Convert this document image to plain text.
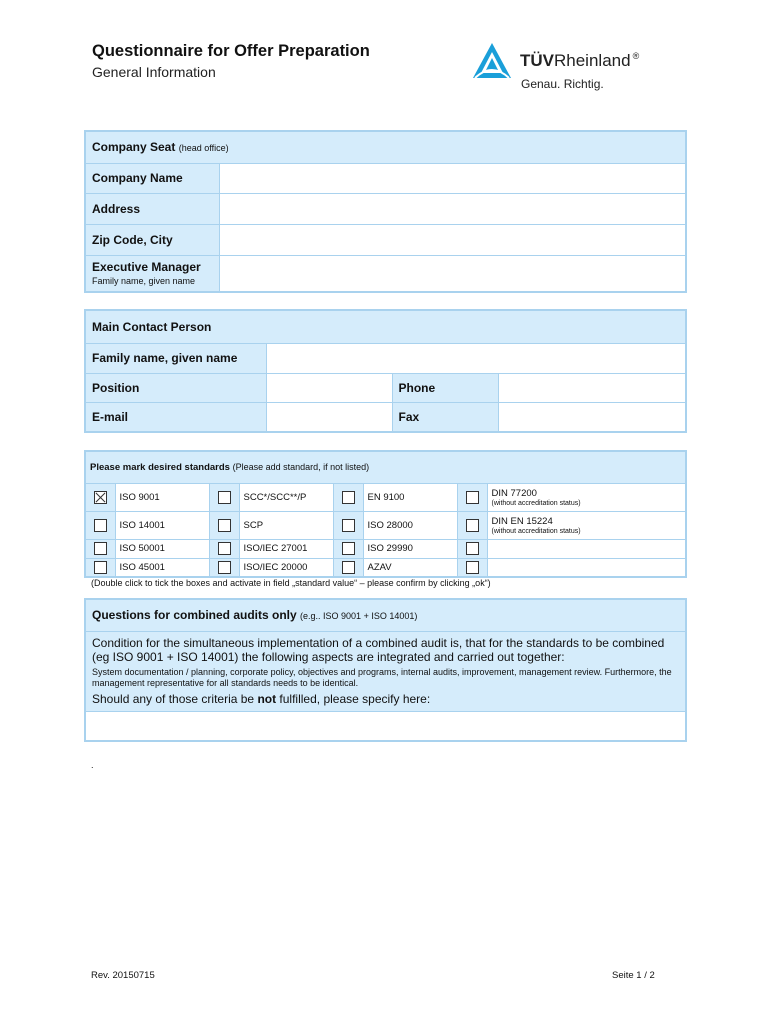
Questionnaire for Offer Preparation
General Information
TÜVRheinland ®
Genau. Richtig.
Company Seat (head office)	
Company Name	
Address	
Zip Code, City	
Executive Manager
Family name, given name	

Main Contact Person			
Family name, given name			
Position		Phone	
E-mail		Fax	
Please mark desired standards (Please add standard, if not listed)							
	ISO 9001		SCC*/SCC**/P		EN 9100		DIN 77200
(without accreditation status)

	ISO 14001		SCP		ISO 28000		DIN EN 15224
(without accreditation status)

	ISO 50001		ISO/IEC 27001		ISO 29990		
	ISO 45001		ISO/IEC 20000		AZAV		
(Double click to tick the boxes and activate in field „standard value“ – please confirm by clicking „ok“)
Questions for combined audits only (e.g.. ISO 9001 + ISO 14001)
Condition for the simultaneous implementation of a combined audit is, that for the standards to be combined (eg ISO 9001 + ISO 14001) the following aspects are integrated and carried out together:
System documentation / planning, corporate policy, objectives and programs, internal audits, improvement, management review. Furthermore, the management representative for all standards needs to be identical.
Should any of those criteria be not fulfilled, please specify here:

.
Rev. 20150715	Seite 1 / 2
